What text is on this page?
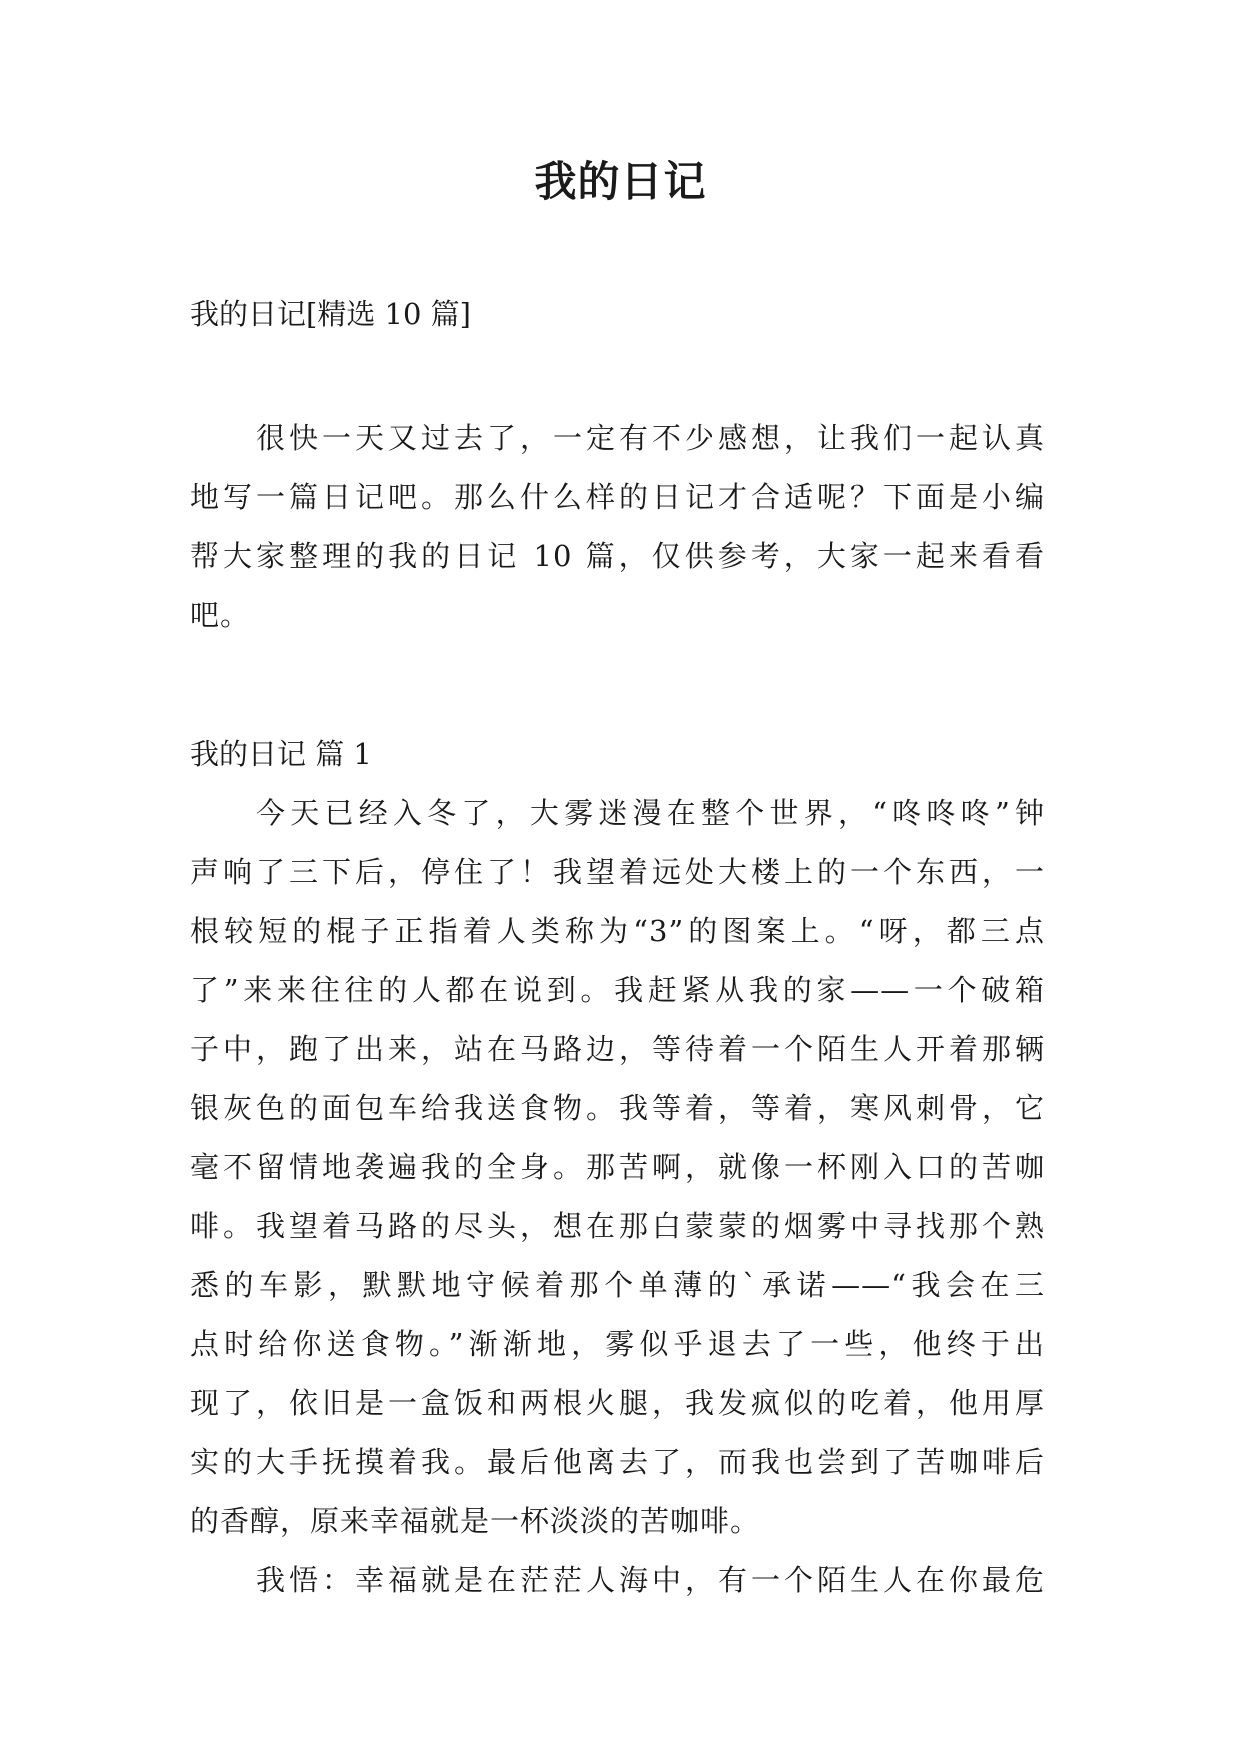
我的日记
我的日记[精选 10 篇]
很快一天又过去了，一定有不少感想，让我们一起认真
地写一篇日记吧。那么什么样的日记才合适呢？下面是小编
帮大家整理的我的日记 10 篇，仅供参考，大家一起来看看
吧。
我的日记 篇 1
今天已经入冬了，大雾迷漫在整个世界，“咚咚咚”钟
声响了三下后，停住了！我望着远处大楼上的一个东西，一
根较短的棍子正指着人类称为“3”的图案上。“呀，都三点
了”来来往往的人都在说到。我赶紧从我的家——一个破箱
子中，跑了出来，站在马路边，等待着一个陌生人开着那辆
银灰色的面包车给我送食物。我等着，等着，寒风刺骨，它
毫不留情地袭遍我的全身。那苦啊，就像一杯刚入口的苦咖
啡。我望着马路的尽头，想在那白蒙蒙的烟雾中寻找那个熟
悉的车影，默默地守候着那个单薄的`承诺——“我会在三
点时给你送食物。”渐渐地，雾似乎退去了一些，他终于出
现了，依旧是一盒饭和两根火腿，我发疯似的吃着，他用厚
实的大手抚摸着我。最后他离去了，而我也尝到了苦咖啡后
的香醇，原来幸福就是一杯淡淡的苦咖啡。
我悟：幸福就是在茫茫人海中，有一个陌生人在你最危
